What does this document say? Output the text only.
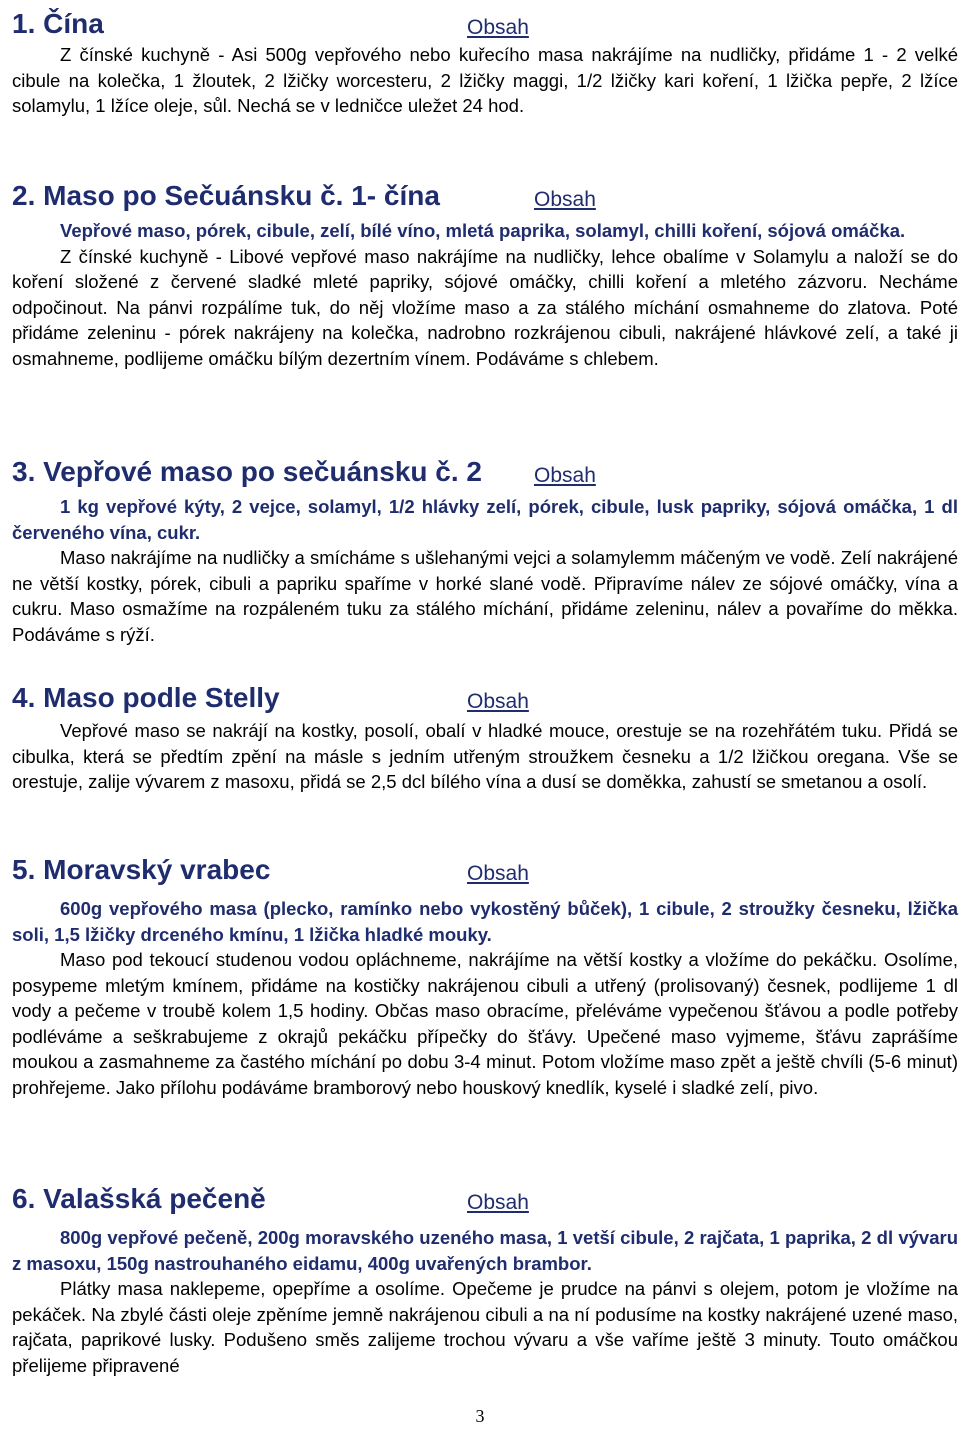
1. Čína	Obsah

Z čínské kuchyně - Asi 500g vepřového nebo kuřecího masa nakrájíme na nudličky, přidáme 1 - 2 velké cibule na kolečka, 1 žloutek, 2 lžičky worcesteru, 2 lžičky maggi, 1/2 lžičky kari koření, 1 lžička pepře, 2 lžíce solamylu, 1 lžíce oleje, sůl. Nechá se v ledničce uležet 24 hod.

2. Maso po Sečuánsku č. 1- čína	Obsah

Vepřové maso, pórek, cibule, zelí, bílé víno, mletá paprika, solamyl, chilli koření, sójová omáčka.

Z čínské kuchyně - Libové vepřové maso nakrájíme na nudličky, lehce obalíme v Solamylu a naloží se do koření složené z červené sladké mleté papriky, sójové omáčky, chilli koření a mletého zázvoru. Necháme odpočinout. Na pánvi rozpálíme tuk, do něj vložíme maso a za stálého míchání osmahneme do zlatova. Poté přidáme zeleninu - pórek nakrájeny na kolečka, nadrobno rozkrájenou cibuli, nakrájené hlávkové zelí, a také ji osmahneme, podlijeme omáčku bílým dezertním vínem. Podáváme s chlebem.

3. Vepřové maso po sečuánsku č. 2 Obsah

1 kg vepřové kýty, 2 vejce, solamyl, 1/2 hlávky zelí, pórek, cibule, lusk papriky, sójová omáčka, 1 dl červeného vína, cukr.

Maso nakrájíme na nudličky a smícháme s ušlehanými vejci a solamylemm máčeným ve vodě. Zelí nakrájené ne větší kostky, pórek, cibuli a papriku spaříme v horké slané vodě. Připravíme nálev ze sójové omáčky, vína a cukru. Maso osmažíme na rozpáleném tuku za stálého míchání, přidáme zeleninu, nálev a povaříme do měkka. Podáváme s rýží.

4. Maso podle Stelly	Obsah

Vepřové maso se nakrájí na kostky, posolí, obalí v hladké mouce, orestuje se na rozehřátém tuku. Přidá se cibulka, která se předtím zpění na másle s jedním utřeným stroužkem česneku a 1/2 lžičkou oregana. Vše se orestuje, zalije vývarem z masoxu, přidá se 2,5 dcl bílého vína a dusí se doměkka, zahustí se smetanou a osolí.

5. Moravský vrabec	Obsah

600g vepřového masa (plecko, ramínko nebo vykostěný bůček), 1 cibule, 2 stroužky česneku, lžička soli, 1,5 lžičky drceného kmínu, 1 lžička hladké mouky.

Maso pod tekoucí studenou vodou opláchneme, nakrájíme na větší kostky a vložíme do pekáčku. Osolíme, posypeme mletým kmínem, přidáme na kostičky nakrájenou cibuli a utřený (prolisovaný) česnek, podlijeme 1 dl vody a pečeme v troubě kolem 1,5 hodiny. Občas maso obracíme, přeléváme vypečenou šťávou a podle potřeby podléváme a seškrabujeme z okrajů pekáčku přípečky do šťávy. Upečené maso vyjmeme, šťávu zaprášíme moukou a zasmahneme za častého míchání po dobu 3-4 minut. Potom vložíme maso zpět a ještě chvíli (5-6 minut) prohřejeme. Jako přílohu podáváme bramborový nebo houskový knedlík, kyselé i sladké zelí, pivo.

6. Valašská pečeně	Obsah

800g vepřové pečeně, 200g moravského uzeného masa, 1 vetší cibule, 2 rajčata, 1 paprika, 2 dl vývaru z masoxu, 150g nastrouhaného eidamu, 400g uvařených brambor.

Plátky masa naklepeme, opepříme a osolíme. Opečeme je prudce na pánvi s olejem, potom je vložíme na pekáček. Na zbylé části oleje zpěníme jemně nakrájenou cibuli a na ní podusíme na kostky nakrájené uzené maso, rajčata, paprikové lusky. Podušeno směs zalijeme trochou vývaru a vše vaříme ještě 3 minuty. Touto omáčkou přelijeme připravené

3
